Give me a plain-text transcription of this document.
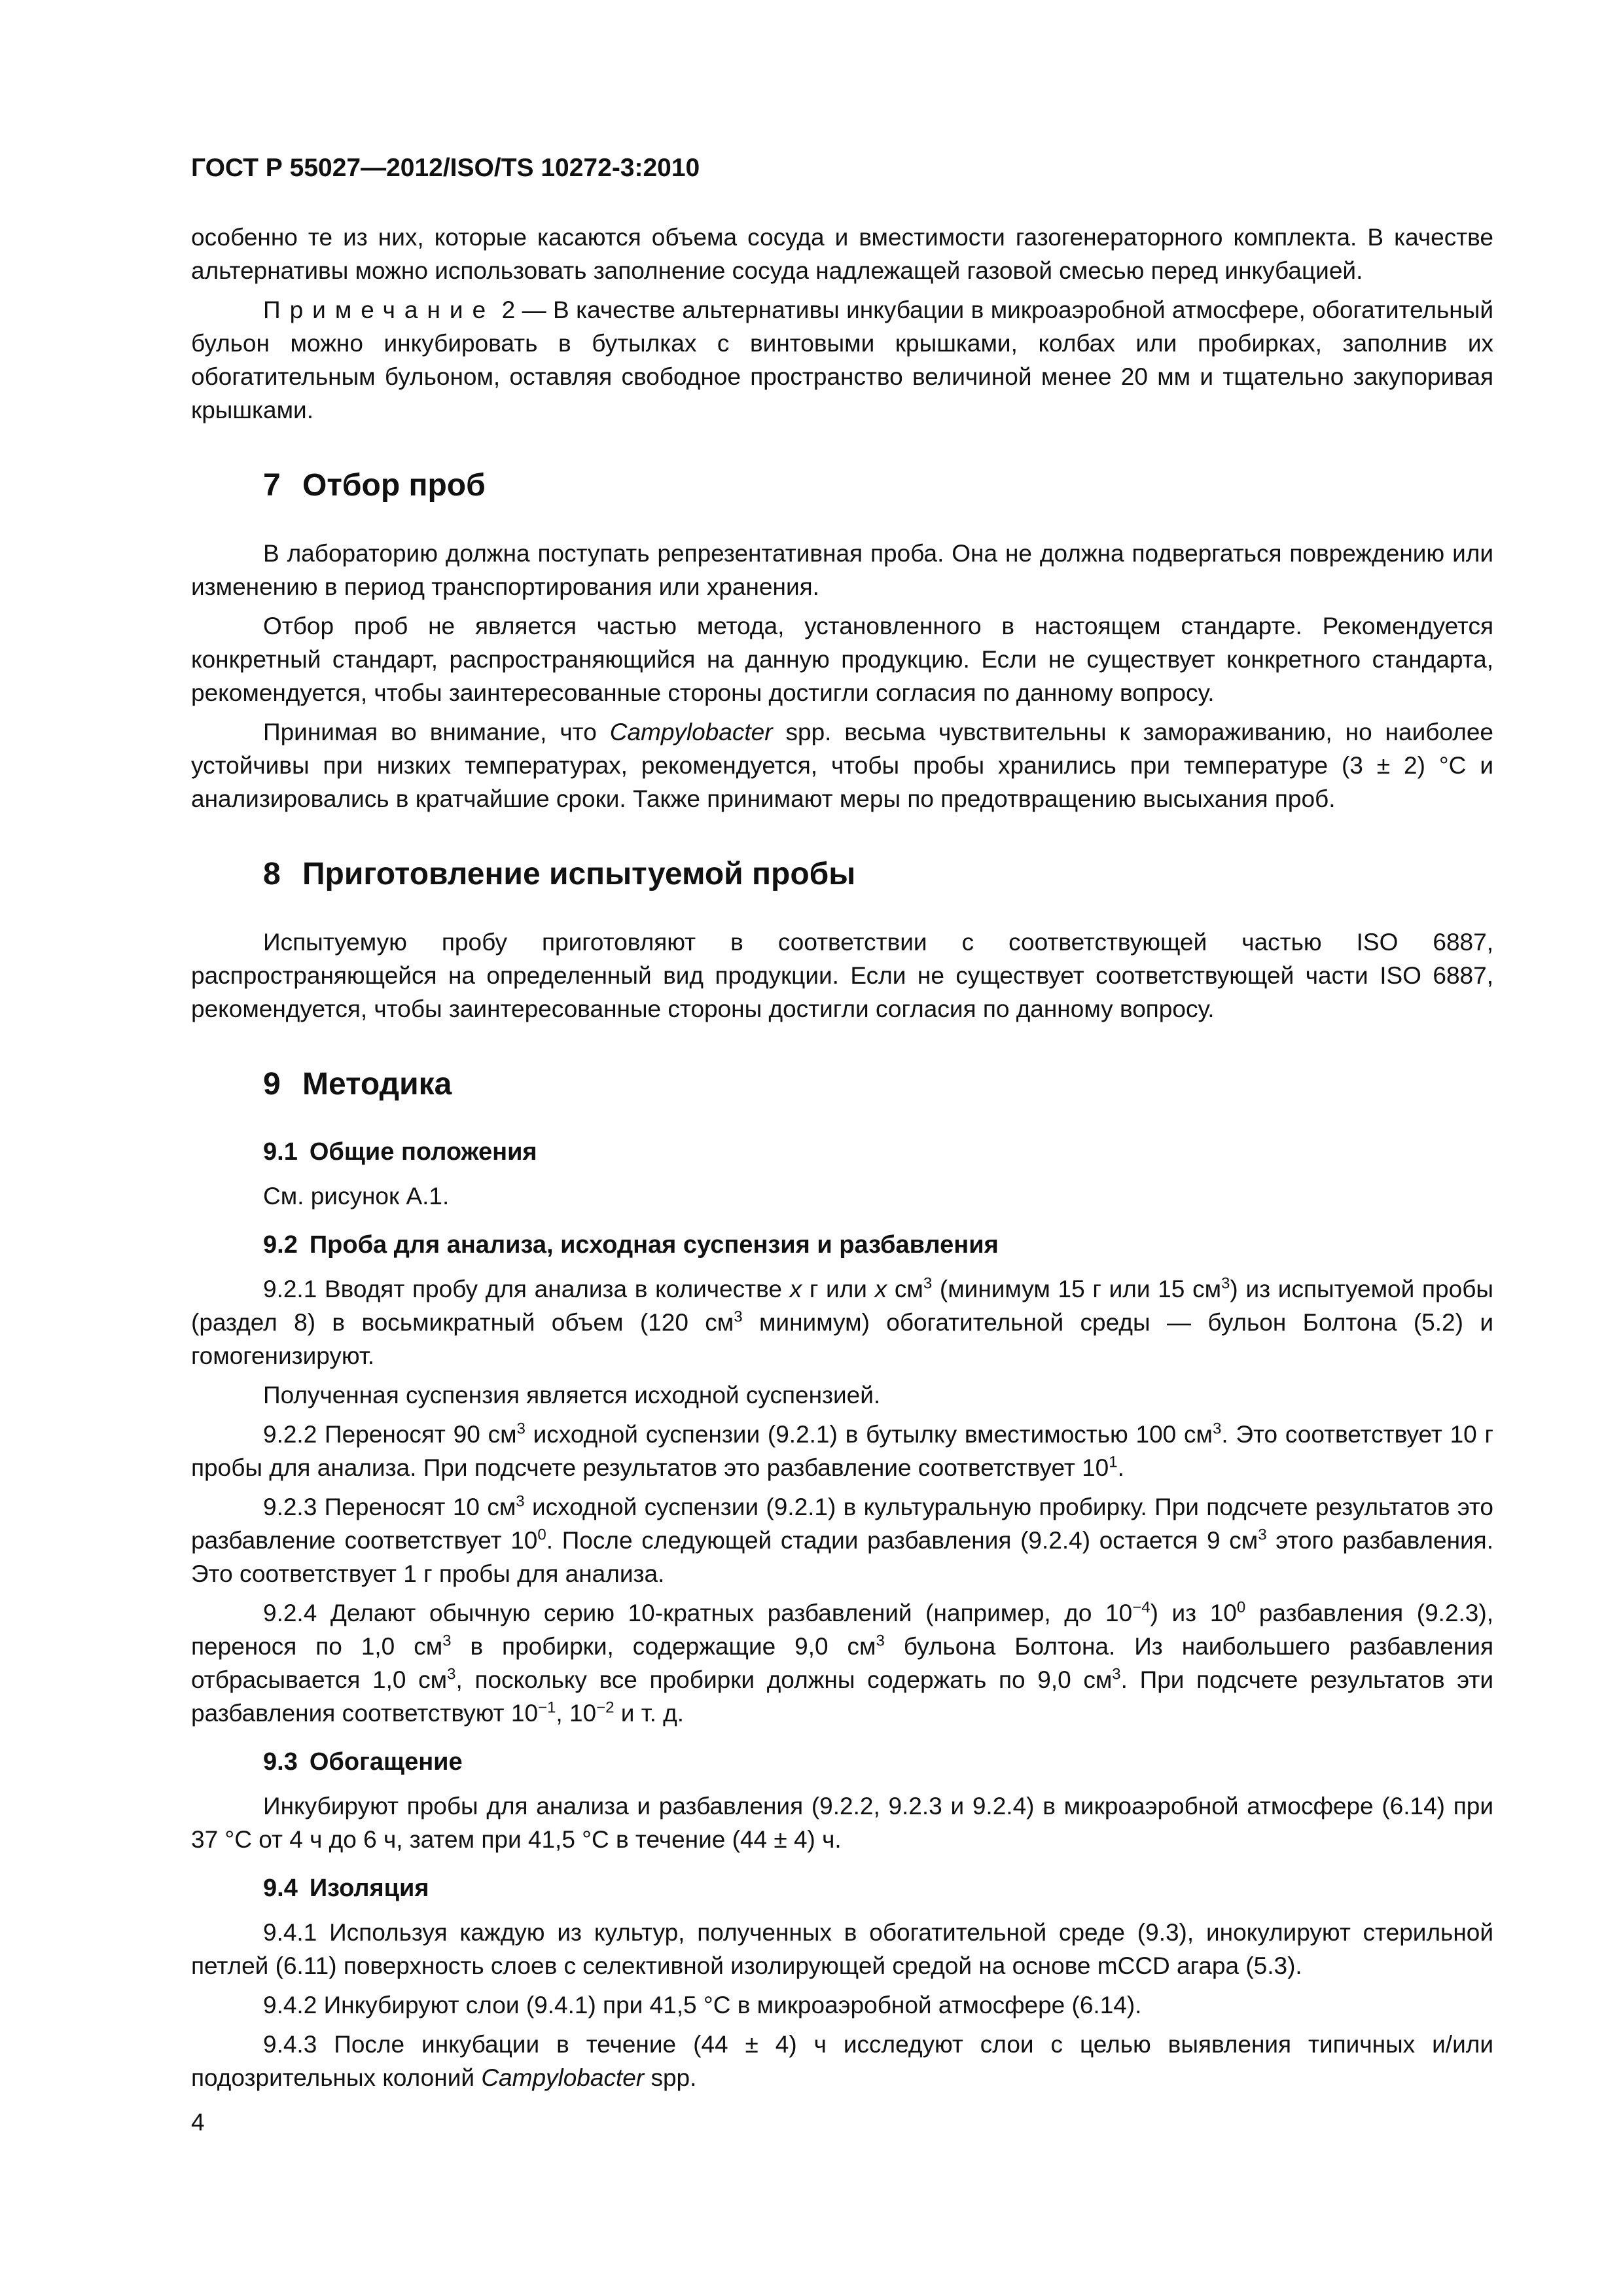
ГОСТ Р 55027—2012/ISO/TS 10272-3:2010

особенно те из них, которые касаются объема сосуда и вместимости газогенераторного комплекта. В качестве альтернативы можно использовать заполнение сосуда надлежащей газовой смесью перед инкубацией.

Примечание 2 — В качестве альтернативы инкубации в микроаэробной атмосфере, обогатительный бульон можно инкубировать в бутылках с винтовыми крышками, колбах или пробирках, заполнив их обогатительным бульоном, оставляя свободное пространство величиной менее 20 мм и тщательно закупоривая крышками.

7 Отбор проб

В лабораторию должна поступать репрезентативная проба. Она не должна подвергаться повреждению или изменению в период транспортирования или хранения.

Отбор проб не является частью метода, установленного в настоящем стандарте. Рекомендуется конкретный стандарт, распространяющийся на данную продукцию. Если не существует конкретного стандарта, рекомендуется, чтобы заинтересованные стороны достигли согласия по данному вопросу.

Принимая во внимание, что Campylobacter spp. весьма чувствительны к замораживанию, но наиболее устойчивы при низких температурах, рекомендуется, чтобы пробы хранились при температуре (3 ± 2) °С и анализировались в кратчайшие сроки. Также принимают меры по предотвращению высыхания проб.

8 Приготовление испытуемой пробы

Испытуемую пробу приготовляют в соответствии с соответствующей частью ISO 6887, распространяющейся на определенный вид продукции. Если не существует соответствующей части ISO 6887, рекомендуется, чтобы заинтересованные стороны достигли согласия по данному вопросу.

9 Методика
9.1 Общие положения

См. рисунок А.1.

9.2 Проба для анализа, исходная суспензия и разбавления

9.2.1 Вводят пробу для анализа в количестве x г или x $см^3$ (минимум 15 г или 15 $см^3$) из испытуемой пробы (раздел 8) в восьмикратный объем (120 $см^3$ минимум) обогатительной среды — бульон Болтона (5.2) и гомогенизируют.

Полученная суспензия является исходной суспензией.

9.2.2 Переносят 90 $см^3$ исходной суспензии (9.2.1) в бутылку вместимостью 100 $см^3$. Это соответствует 10 г пробы для анализа. При подсчете результатов это разбавление соответствует $10^1$.

9.2.3 Переносят 10 $см^3$ исходной суспензии (9.2.1) в культуральную пробирку. При подсчете результатов это разбавление соответствует $10^0$. После следующей стадии разбавления (9.2.4) остается 9 $см^3$ этого разбавления. Это соответствует 1 г пробы для анализа.

9.2.4 Делают обычную серию 10-кратных разбавлений (например, до $10^{-4}$) из $10^0$ разбавления (9.2.3), перенося по 1,0 $см^3$ в пробирки, содержащие 9,0 $см^3$ бульона Болтона. Из наибольшего разбавления отбрасывается 1,0 $см^3$, поскольку все пробирки должны содержать по 9,0 $см^3$. При подсчете результатов эти разбавления соответствуют $10^{-1}$, $10^{-2}$ и т. д.

9.3 Обогащение

Инкубируют пробы для анализа и разбавления (9.2.2, 9.2.3 и 9.2.4) в микроаэробной атмосфере (6.14) при 37 °С от 4 ч до 6 ч, затем при 41,5 °С в течение (44 ± 4) ч.

9.4 Изоляция

9.4.1 Используя каждую из культур, полученных в обогатительной среде (9.3), инокулируют стерильной петлей (6.11) поверхность слоев с селективной изолирующей средой на основе mCCD агара (5.3).

9.4.2 Инкубируют слои (9.4.1) при 41,5 °С в микроаэробной атмосфере (6.14).

9.4.3 После инкубации в течение (44 ± 4) ч исследуют слои с целью выявления типичных и/или подозрительных колоний Campylobacter spp.

4
